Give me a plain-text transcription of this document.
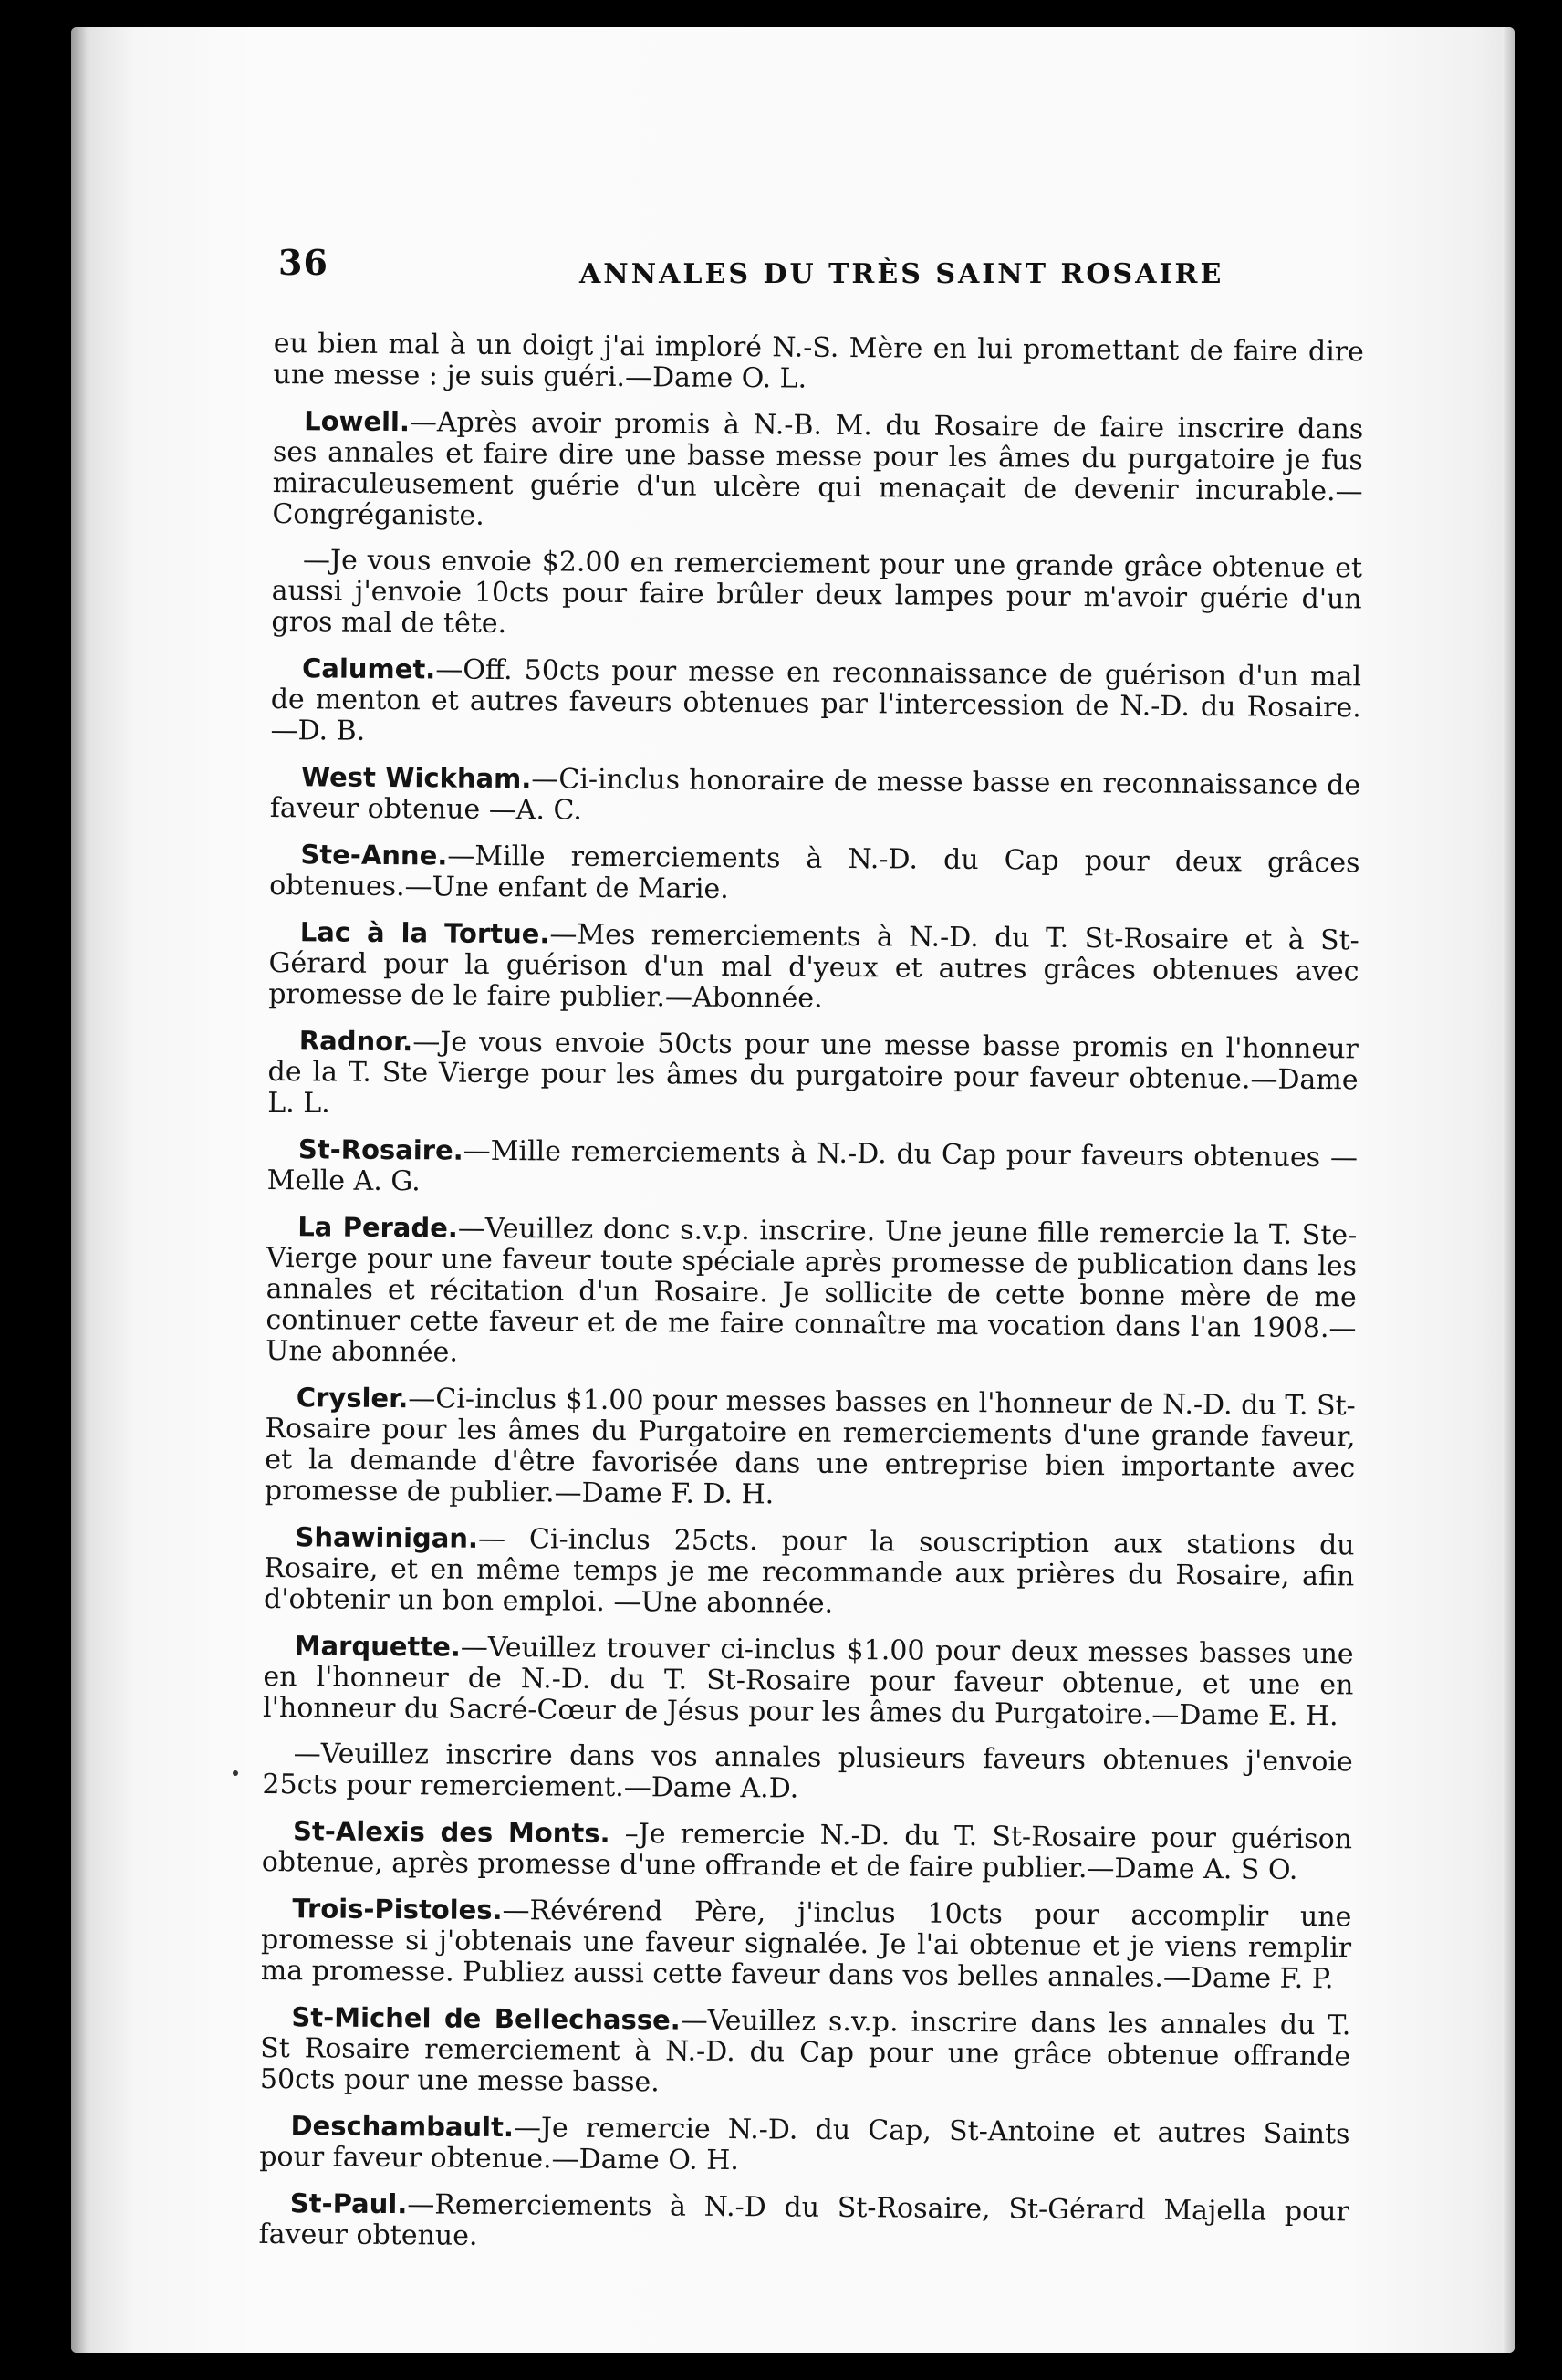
36	ANNALES DU TRÈS SAINT ROSAIRE

eu bien mal à un doigt j'ai imploré N.-S. Mère en lui promettant de faire dire une messe : je suis guéri.—Dame O. L.

Lowell.—Après avoir promis à N.-B. M. du Rosaire de faire inscrire dans ses annales et faire dire une basse messe pour les âmes du purgatoire je fus miraculeusement guérie d'un ulcère qui menaçait de devenir incurable.—Congréganiste.

—Je vous envoie $2.00 en remerciement pour une grande grâce obtenue et aussi j'envoie 10cts pour faire brûler deux lampes pour m'avoir guérie d'un gros mal de tête.

Calumet.—Off. 50cts pour messe en reconnaissance de guérison d'un mal de menton et autres faveurs obtenues par l'intercession de N.-D. du Rosaire.—D. B.

West Wickham.—Ci-inclus honoraire de messe basse en reconnaissance de faveur obtenue —A. C.

Ste-Anne.—Mille remerciements à N.-D. du Cap pour deux grâces obtenues.—Une enfant de Marie.

Lac à la Tortue.—Mes remerciements à N.-D. du T. St-Rosaire et à St-Gérard pour la guérison d'un mal d'yeux et autres grâces obtenues avec promesse de le faire publier.—Abonnée.

Radnor.—Je vous envoie 50cts pour une messe basse promis en l'honneur de la T. Ste Vierge pour les âmes du purgatoire pour faveur obtenue.—Dame L. L.

St-Rosaire.—Mille remerciements à N.-D. du Cap pour faveurs obtenues —Melle A. G.

La Perade.—Veuillez donc s.v.p. inscrire. Une jeune fille remercie la T. Ste-Vierge pour une faveur toute spéciale après promesse de publication dans les annales et récitation d'un Rosaire. Je sollicite de cette bonne mère de me continuer cette faveur et de me faire connaître ma vocation dans l'an 1908.—Une abonnée.

Crysler.—Ci-inclus $1.00 pour messes basses en l'honneur de N.-D. du T. St-Rosaire pour les âmes du Purgatoire en remerciements d'une grande faveur, et la demande d'être favorisée dans une entreprise bien importante avec promesse de publier.—Dame F. D. H.

Shawinigan.— Ci-inclus 25cts. pour la souscription aux stations du Rosaire, et en même temps je me recommande aux prières du Rosaire, afin d'obtenir un bon emploi. —Une abonnée.

Marquette.—Veuillez trouver ci-inclus $1.00 pour deux messes basses une en l'honneur de N.-D. du T. St-Rosaire pour faveur obtenue, et une en l'honneur du Sacré-Cœur de Jésus pour les âmes du Purgatoire.—Dame E. H.

—Veuillez inscrire dans vos annales plusieurs faveurs obtenues j'envoie 25cts pour remerciement.—Dame A.D.

St-Alexis des Monts. –Je remercie N.-D. du T. St-Rosaire pour guérison obtenue, après promesse d'une offrande et de faire publier.—Dame A. S O.

Trois-Pistoles.—Révérend Père, j'inclus 10cts pour accomplir une promesse si j'obtenais une faveur signalée. Je l'ai obtenue et je viens remplir ma promesse. Publiez aussi cette faveur dans vos belles annales.—Dame F. P.

St-Michel de Bellechasse.—Veuillez s.v.p. inscrire dans les annales du T. St Rosaire remerciement à N.-D. du Cap pour une grâce obtenue offrande 50cts pour une messe basse.

Deschambault.—Je remercie N.-D. du Cap, St-Antoine et autres Saints pour faveur obtenue.—Dame O. H.

St-Paul.—Remerciements à N.-D du St-Rosaire, St-Gérard Majella pour faveur obtenue.
